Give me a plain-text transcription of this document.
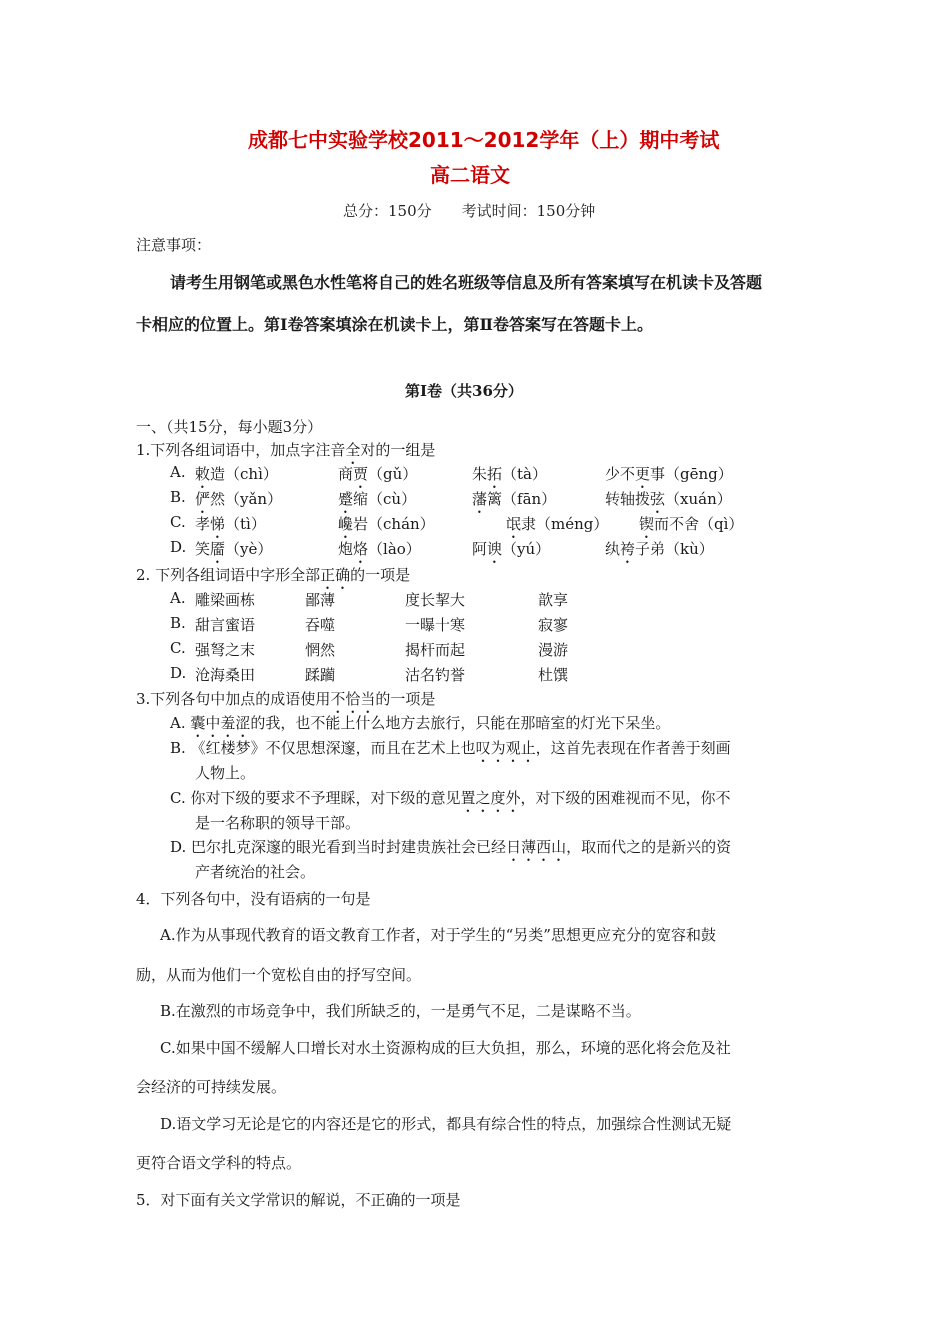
成都七中实验学校2011～2012学年（上）期中考试
高二语文
总分：150分　　考试时间：150分钟
注意事项：
请考生用钢笔或黑色水性笔将自己的姓名班级等信息及所有答案填写在机读卡及答题
卡相应的位置上。第Ⅰ卷答案填涂在机读卡上，第Ⅱ卷答案写在答题卡上。
第Ⅰ卷（共36分）
一、（共15分，每小题3分）
1.下列各组词语中，加点字注音全对的一组是
A. 敕造（chì）	商贾（gǔ）	朱拓（tà）	少不更事（gēng）
B. 俨然（yǎn）	蹙缩（cù）	藩篱（fān）	转轴拨弦（xuán）
C. 孝悌（tì）	巉岩（chán）	氓隶（méng） 锲而不舍（qì）
D. 笑靥（yè）	炮烙（lào）	阿谀（yú）	纨袴子弟（kù）
2. 下列各组词语中字形全部正确的一项是
A. 雕梁画栋	鄙薄	度长挈大	歆享
B. 甜言蜜语	吞噬	一曝十寒	寂寥
C. 强弩之末	惘然	揭杆而起	漫游
D. 沧海桑田	蹂躏	沽名钓誉	杜馔
3.下列各句中加点的成语使用不恰当的一项是
A. 囊中羞涩的我，也不能上什么地方去旅行，只能在那暗室的灯光下呆坐。
B. 《红楼梦》不仅思想深邃，而且在艺术上也叹为观止，这首先表现在作者善于刻画
人物上。
C. 你对下级的要求不予理睬，对下级的意见置之度外，对下级的困难视而不见，你不
是一名称职的领导干部。
D. 巴尔扎克深邃的眼光看到当时封建贵族社会已经日薄西山，取而代之的是新兴的资
产者统治的社会。
4．下列各句中，没有语病的一句是
A.作为从事现代教育的语文教育工作者，对于学生的“另类”思想更应充分的宽容和鼓
励，从而为他们一个宽松自由的抒写空间。
B.在激烈的市场竞争中，我们所缺乏的，一是勇气不足，二是谋略不当。
C.如果中国不缓解人口增长对水土资源构成的巨大负担，那么，环境的恶化将会危及社
会经济的可持续发展。
D.语文学习无论是它的内容还是它的形式，都具有综合性的特点，加强综合性测试无疑
更符合语文学科的特点。
5．对下面有关文学常识的解说，不正确的一项是
